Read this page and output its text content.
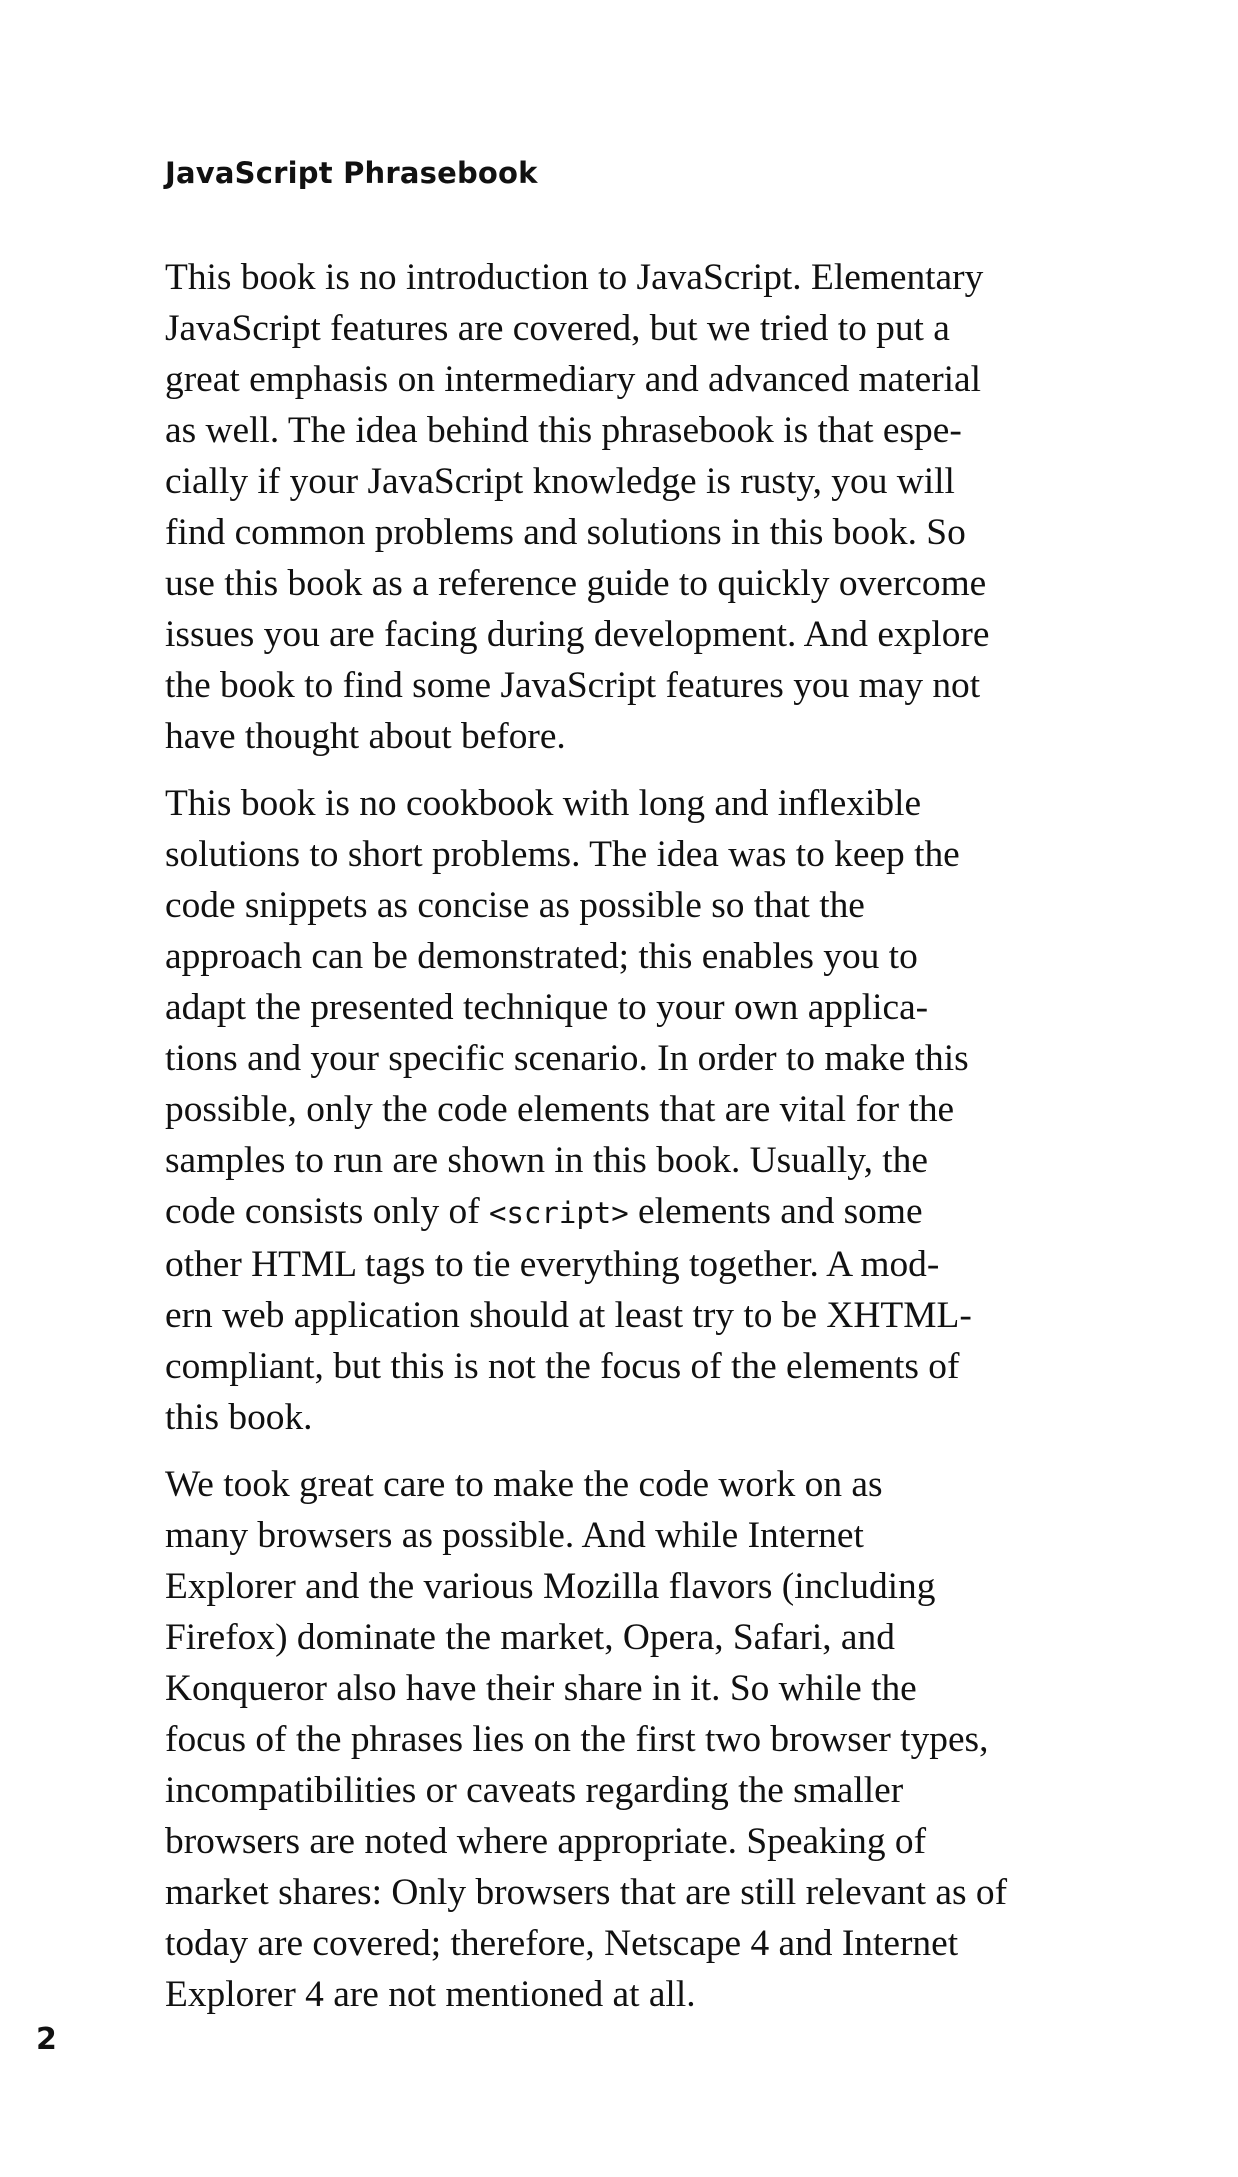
JavaScript Phrasebook

This book is no introduction to JavaScript. Elementary
JavaScript features are covered, but we tried to put a
great emphasis on intermediary and advanced material
as well. The idea behind this phrasebook is that espe-
cially if your JavaScript knowledge is rusty, you will
find common problems and solutions in this book. So
use this book as a reference guide to quickly overcome
issues you are facing during development. And explore
the book to find some JavaScript features you may not
have thought about before.

This book is no cookbook with long and inflexible
solutions to short problems. The idea was to keep the
code snippets as concise as possible so that the
approach can be demonstrated; this enables you to
adapt the presented technique to your own applica-
tions and your specific scenario. In order to make this
possible, only the code elements that are vital for the
samples to run are shown in this book. Usually, the
code consists only of <script> elements and some
other HTML tags to tie everything together. A mod-
ern web application should at least try to be XHTML-
compliant, but this is not the focus of the elements of
this book.

We took great care to make the code work on as
many browsers as possible. And while Internet
Explorer and the various Mozilla flavors (including
Firefox) dominate the market, Opera, Safari, and
Konqueror also have their share in it. So while the
focus of the phrases lies on the first two browser types,
incompatibilities or caveats regarding the smaller
browsers are noted where appropriate. Speaking of
market shares: Only browsers that are still relevant as of
today are covered; therefore, Netscape 4 and Internet
Explorer 4 are not mentioned at all.

2
